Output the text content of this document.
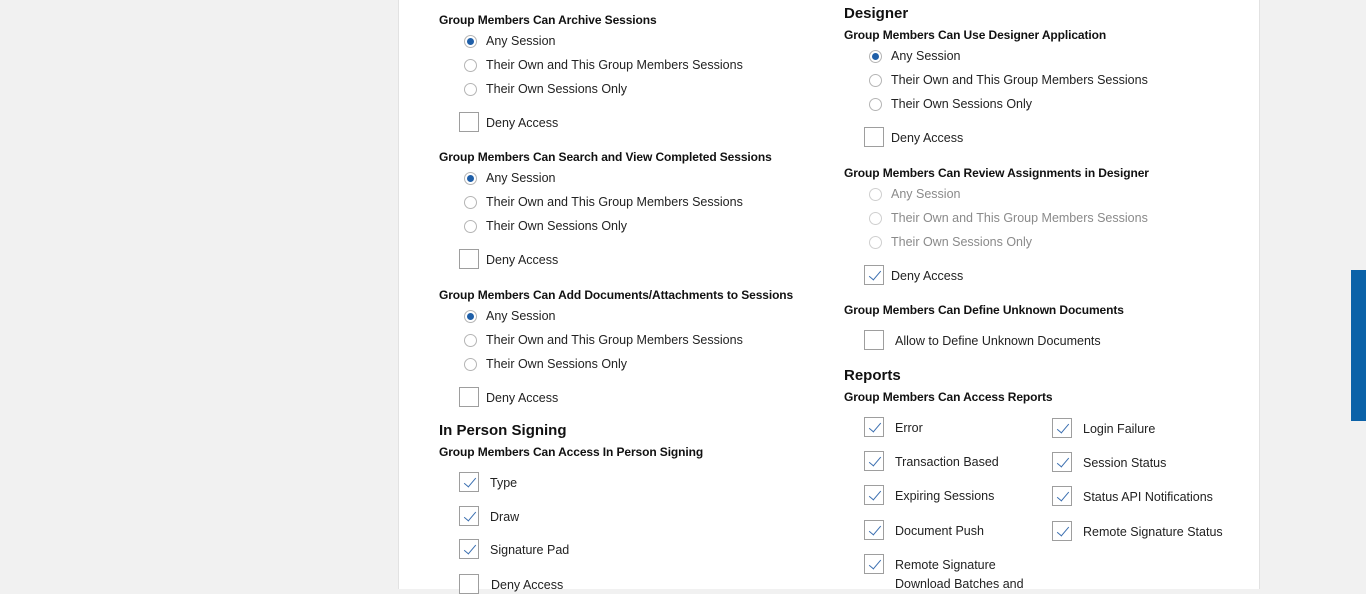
Group Members Can Archive Sessions
Any Session
Their Own and This Group Members Sessions
Their Own Sessions Only
Deny Access
Group Members Can Search and View Completed Sessions
Any Session
Their Own and This Group Members Sessions
Their Own Sessions Only
Deny Access
Group Members Can Add Documents/Attachments to Sessions
Any Session
Their Own and This Group Members Sessions
Their Own Sessions Only
Deny Access
In Person Signing
Group Members Can Access In Person Signing
Type
Draw
Signature Pad
Deny Access
Designer
Group Members Can Use Designer Application
Any Session
Their Own and This Group Members Sessions
Their Own Sessions Only
Deny Access
Group Members Can Review Assignments in Designer
Any Session
Their Own and This Group Members Sessions
Their Own Sessions Only
Deny Access
Group Members Can Define Unknown Documents
Allow to Define Unknown Documents
Reports
Group Members Can Access Reports
Error
Transaction Based
Expiring Sessions
Document Push
Remote Signature
Download Batches and
Login Failure
Session Status
Status API Notifications
Remote Signature Status
